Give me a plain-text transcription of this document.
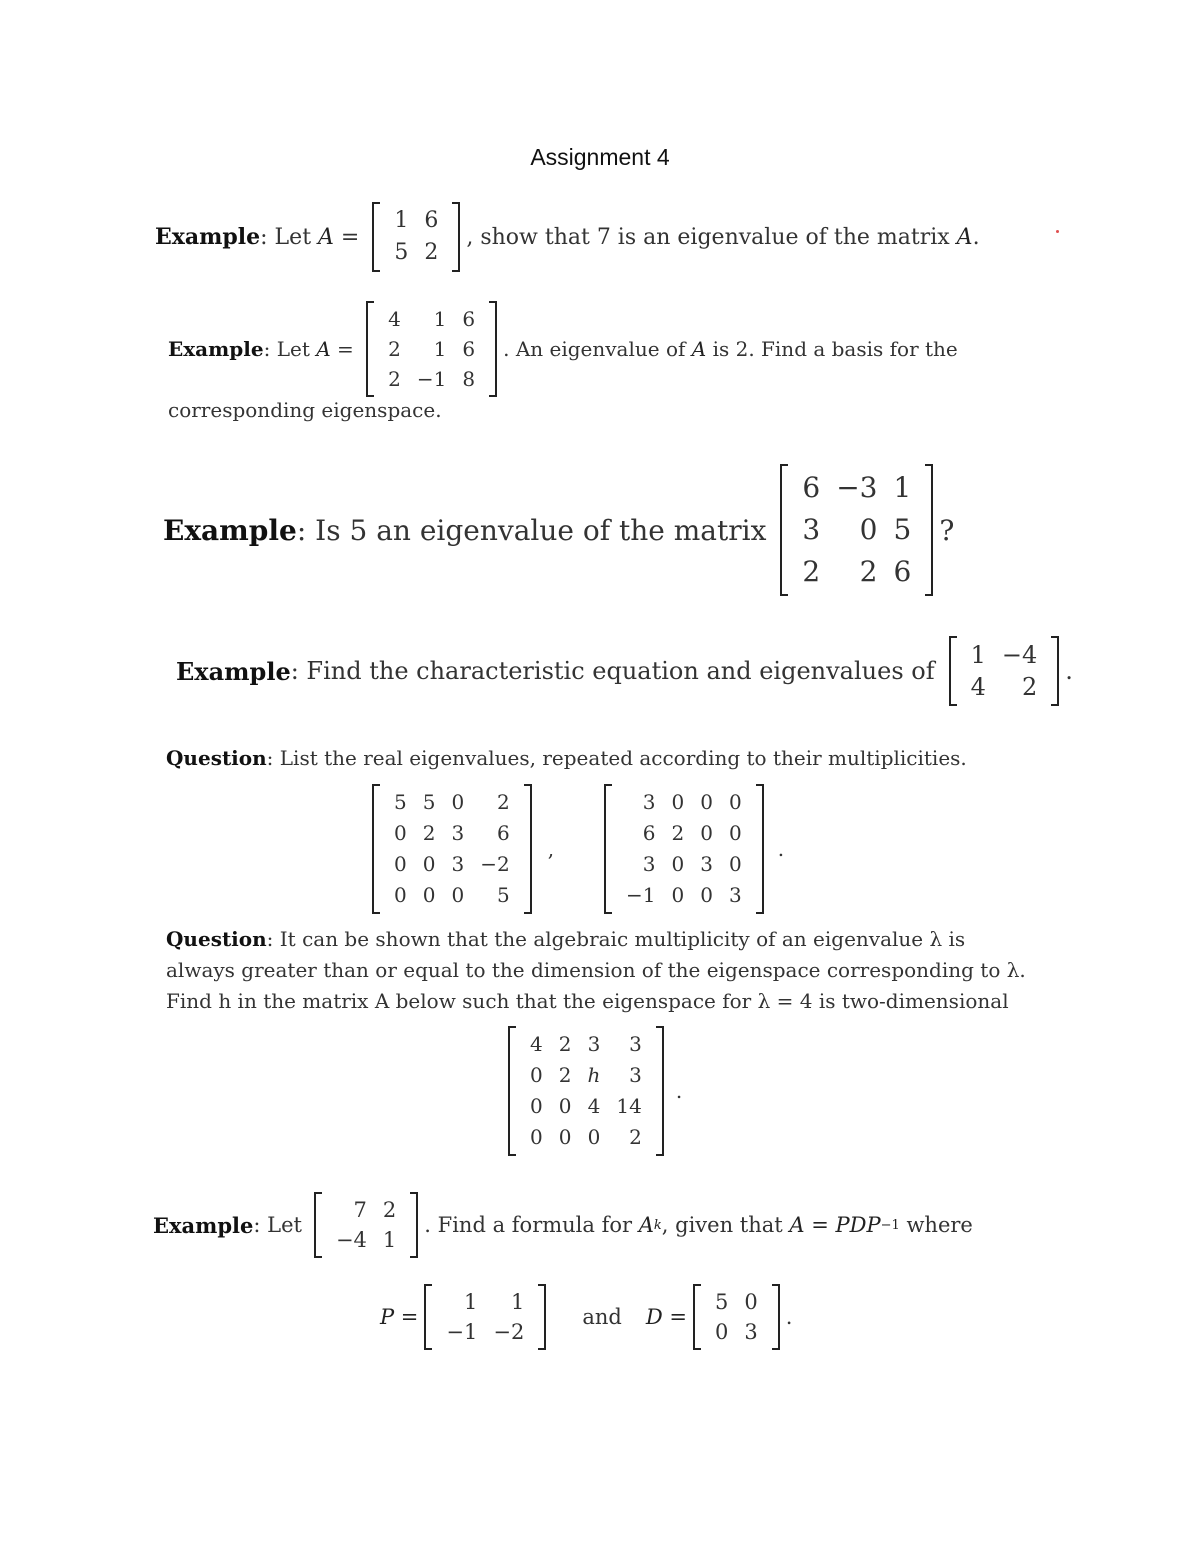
Assignment 4
Example : Let A =
1 6
5 2
, show that 7 is an eigenvalue of the matrix A .
Example : Let A =
4	1 6
2	1 6
2 −1 8
. An eigenvalue of A is 2. Find a basis for the
corresponding eigenspace.
Example : Is 5 an eigenvalue of the matrix
6 −3 1
3	0 5
2	2 6
?
Example : Find the characteristic equation and eigenvalues of
1 −4
4	2
.
Question : List the real eigenvalues, repeated according to their multiplicities.
5 5 0	2
0 2 3	6
0 0 3 −2
0 0 0	5
,
3 0 0 0
6 2 0 0
3 0 3 0
−1 0 0 3
.
Question: It can be shown that the algebraic multiplicity of an eigenvalue λ is
always greater than or equal to the dimension of the eigenspace corresponding to λ.
Find h in the matrix A below such that the eigenspace for λ = 4 is two-dimensional
4 2 3	3
0 2 h	3
0 0 4 14
0 0 0	2
.
Example : Let
7 2
−4 1
. Find a formula for A k , given that A = PDP −1 where
P =
1	1
−1 −2
and D =
5 0
0 3
.
